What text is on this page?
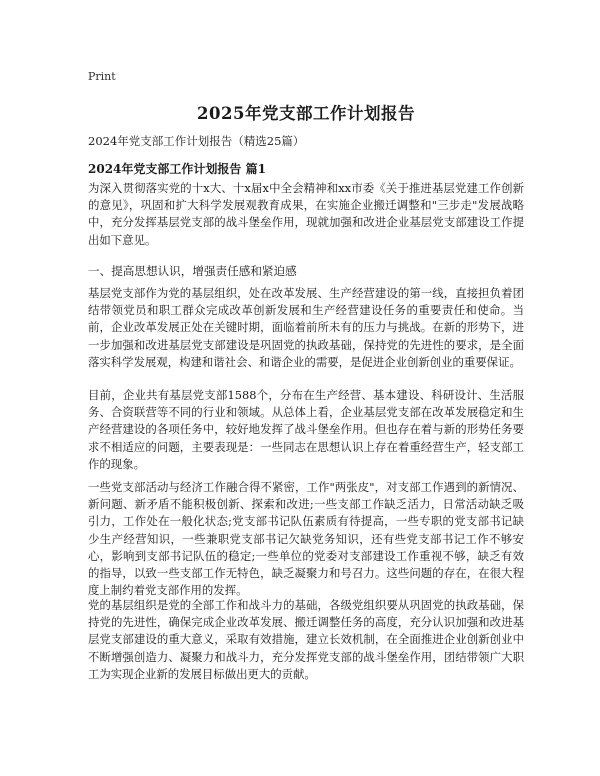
Print
2025年党支部工作计划报告
2024年党支部工作计划报告（精选25篇）
2024年党支部工作计划报告 篇1

为深入贯彻落实党的十x大、十x届x中全会精神和xx市委《关于推进基层党建工作创新的意见》，巩固和扩大科学发展观教育成果，在实施企业搬迁调整和"三步走"发展战略中，充分发挥基层党支部的战斗堡垒作用，现就加强和改进企业基层党支部建设工作提出如下意见。

一、提高思想认识，增强责任感和紧迫感

基层党支部作为党的基层组织，处在改革发展、生产经营建设的第一线，直接担负着团结带领党员和职工群众完成改革创新发展和生产经营建设任务的重要责任和使命。当前，企业改革发展正处在关键时期，面临着前所未有的压力与挑战。在新的形势下，进一步加强和改进基层党支部建设是巩固党的执政基础，保持党的先进性的要求，是全面落实科学发展观，构建和谐社会、和谐企业的需要，是促进企业创新创业的重要保证。

目前，企业共有基层党支部1588个，分布在生产经营、基本建设、科研设计、生活服务、合资联营等不同的行业和领域。从总体上看，企业基层党支部在改革发展稳定和生产经营建设的各项任务中，较好地发挥了战斗堡垒作用。但也存在着与新的形势任务要求不相适应的问题，主要表现是：一些同志在思想认识上存在着重经营生产，轻支部工作的现象。

一些党支部活动与经济工作融合得不紧密，工作"两张皮"，对支部工作遇到的新情况、新问题、新矛盾不能积极创新、探索和改进;一些支部工作缺乏活力，日常活动缺乏吸引力，工作处在一般化状态;党支部书记队伍素质有待提高，一些专职的党支部书记缺少生产经营知识，一些兼职党支部书记欠缺党务知识，还有些党支部书记工作不够安心，影响到支部书记队伍的稳定;一些单位的党委对支部建设工作重视不够，缺乏有效的指导，以致一些支部工作无特色，缺乏凝聚力和号召力。这些问题的存在，在很大程度上制约着党支部作用的发挥。

党的基层组织是党的全部工作和战斗力的基础，各级党组织要从巩固党的执政基础，保持党的先进性，确保完成企业改革发展、搬迁调整任务的高度，充分认识加强和改进基层党支部建设的重大意义，采取有效措施，建立长效机制，在全面推进企业创新创业中不断增强创造力、凝聚力和战斗力，充分发挥党支部的战斗堡垒作用，团结带领广大职工为实现企业新的发展目标做出更大的贡献。
